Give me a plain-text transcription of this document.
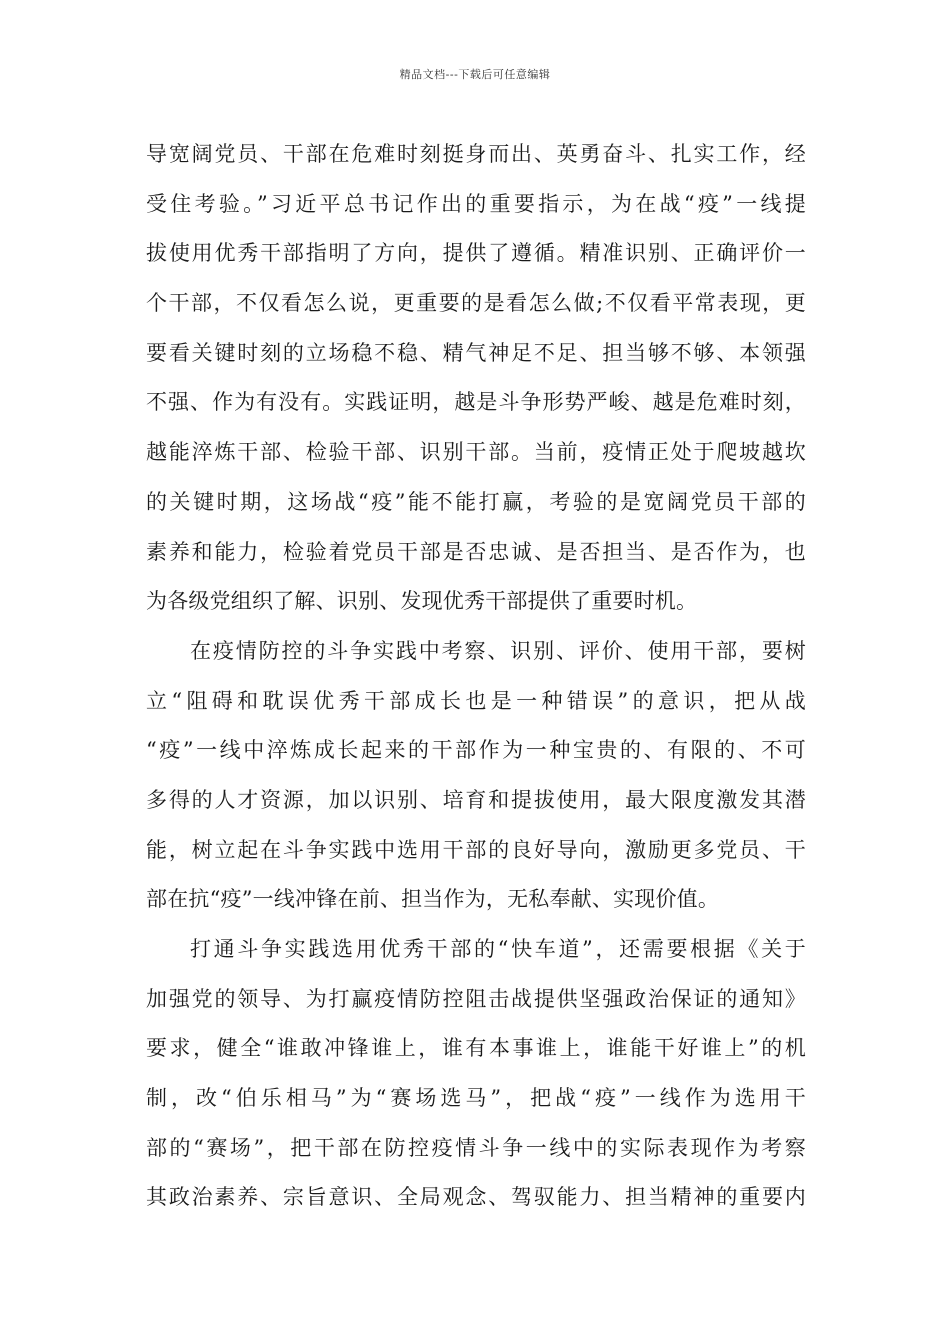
精品文档---下载后可任意编辑
导宽阔党员、干部在危难时刻挺身而出、英勇奋斗、扎实工作，经
受住考验。”习近平总书记作出的重要指示，为在战“疫”一线提
拔使用优秀干部指明了方向，提供了遵循。精准识别、正确评价一
个干部，不仅看怎么说，更重要的是看怎么做;不仅看平常表现，更
要看关键时刻的立场稳不稳、精气神足不足、担当够不够、本领强
不强、作为有没有。实践证明，越是斗争形势严峻、越是危难时刻，
越能淬炼干部、检验干部、识别干部。当前，疫情正处于爬坡越坎
的关键时期，这场战“疫”能不能打赢，考验的是宽阔党员干部的
素养和能力，检验着党员干部是否忠诚、是否担当、是否作为，也
为各级党组织了解、识别、发现优秀干部提供了重要时机。
在疫情防控的斗争实践中考察、识别、评价、使用干部，要树
立“阻碍和耽误优秀干部成长也是一种错误”的意识，把从战
“疫”一线中淬炼成长起来的干部作为一种宝贵的、有限的、不可
多得的人才资源，加以识别、培育和提拔使用，最大限度激发其潜
能，树立起在斗争实践中选用干部的良好导向，激励更多党员、干
部在抗“疫”一线冲锋在前、担当作为，无私奉献、实现价值。
打通斗争实践选用优秀干部的“快车道”，还需要根据《关于
加强党的领导、为打赢疫情防控阻击战提供坚强政治保证的通知》
要求，健全“谁敢冲锋谁上，谁有本事谁上，谁能干好谁上”的机
制，改“伯乐相马”为“赛场选马”，把战“疫”一线作为选用干
部的“赛场”，把干部在防控疫情斗争一线中的实际表现作为考察
其政治素养、宗旨意识、全局观念、驾驭能力、担当精神的重要内
